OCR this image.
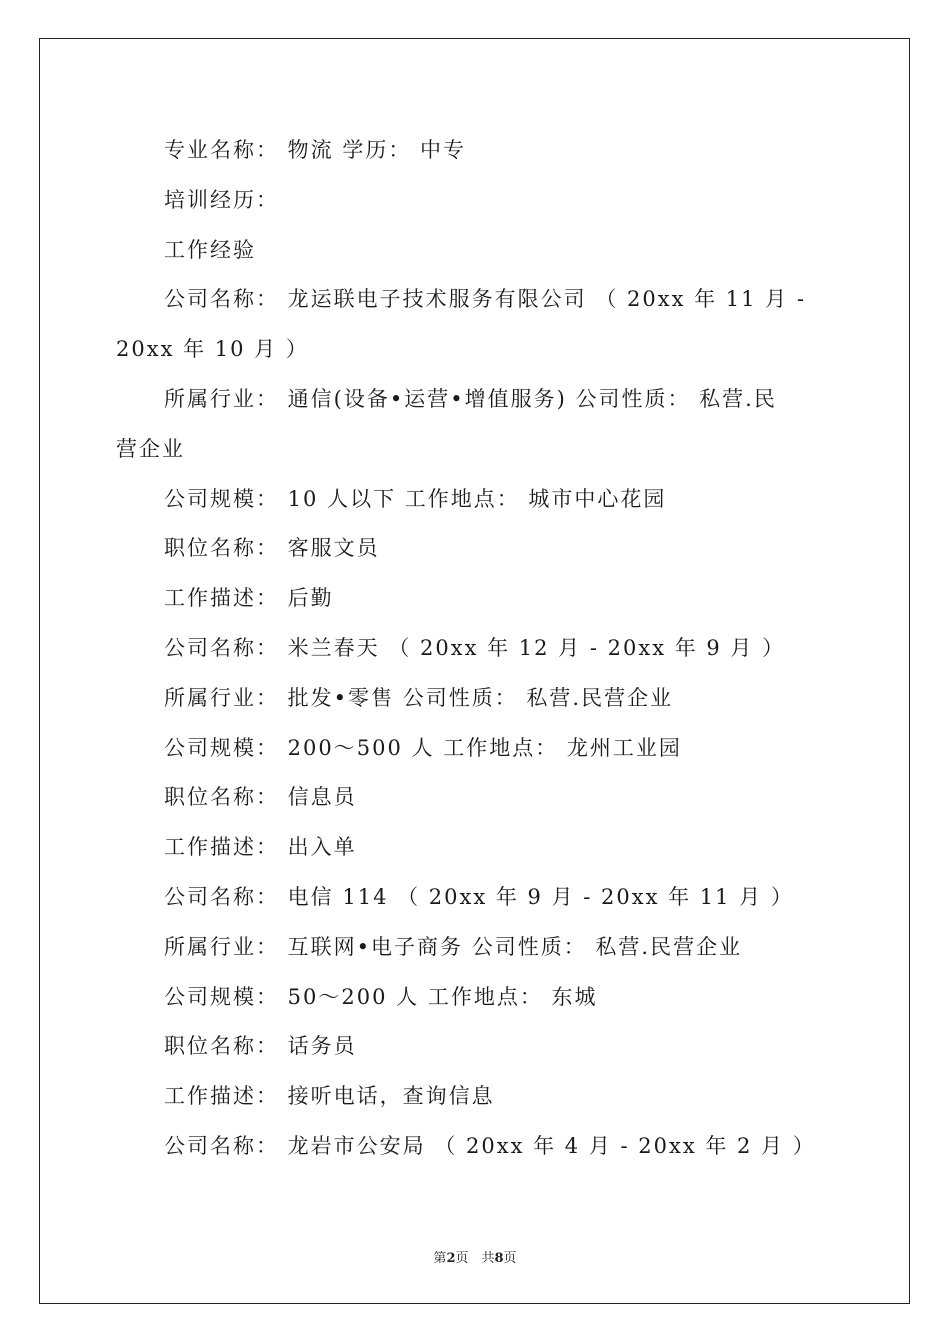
专业名称： 物流 学历： 中专
培训经历：
工作经验
公司名称： 龙运联电子技术服务有限公司 （ 20xx 年 11 月 -
20xx 年 10 月 ）
所属行业： 通信(设备•运营•增值服务) 公司性质： 私营.民
营企业
公司规模： 10 人以下 工作地点： 城市中心花园
职位名称： 客服文员
工作描述： 后勤
公司名称： 米兰春天 （ 20xx 年 12 月 - 20xx 年 9 月 ）
所属行业： 批发•零售 公司性质： 私营.民营企业
公司规模： 200～500 人 工作地点： 龙州工业园
职位名称： 信息员
工作描述： 出入单
公司名称： 电信 114 （ 20xx 年 9 月 - 20xx 年 11 月 ）
所属行业： 互联网•电子商务 公司性质： 私营.民营企业
公司规模： 50～200 人 工作地点： 东城
职位名称： 话务员
工作描述： 接听电话，查询信息
公司名称： 龙岩市公安局 （ 20xx 年 4 月 - 20xx 年 2 月 ）
第2页　共8页
